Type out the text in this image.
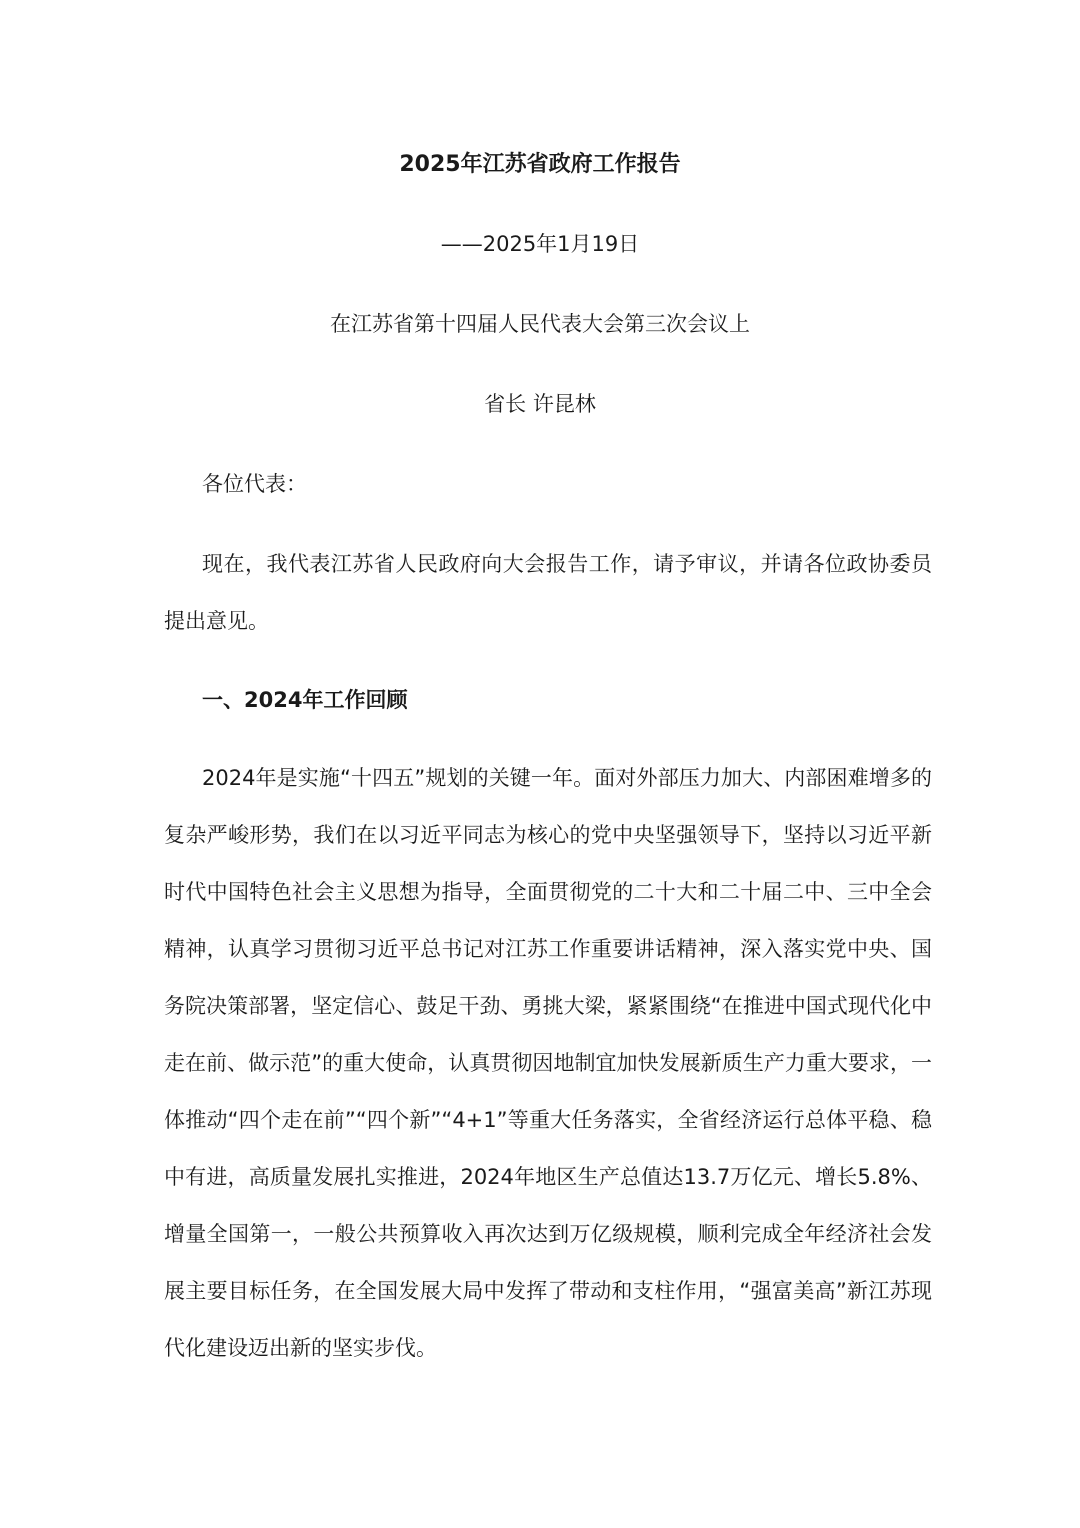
2025年江苏省政府工作报告
——2025年1月19日
在江苏省第十四届人民代表大会第三次会议上
省长 许昆林
各位代表：

现在，我代表江苏省人民政府向大会报告工作，请予审议，并请各位政协委员提出意见。

一、2024年工作回顾

2024年是实施“十四五”规划的关键一年。面对外部压力加大、内部困难增多的复杂严峻形势，我们在以习近平同志为核心的党中央坚强领导下，坚持以习近平新时代中国特色社会主义思想为指导，全面贯彻党的二十大和二十届二中、三中全会精神，认真学习贯彻习近平总书记对江苏工作重要讲话精神，深入落实党中央、国务院决策部署，坚定信心、鼓足干劲、勇挑大梁，紧紧围绕“在推进中国式现代化中走在前、做示范”的重大使命，认真贯彻因地制宜加快发展新质生产力重大要求，一体推动“四个走在前”“四个新”“4+1”等重大任务落实，全省经济运行总体平稳、稳中有进，高质量发展扎实推进，2024年地区生产总值达13.7万亿元、增长5.8%、增量全国第一，一般公共预算收入再次达到万亿级规模，顺利完成全年经济社会发展主要目标任务，在全国发展大局中发挥了带动和支柱作用，“强富美高”新江苏现代化建设迈出新的坚实步伐。
